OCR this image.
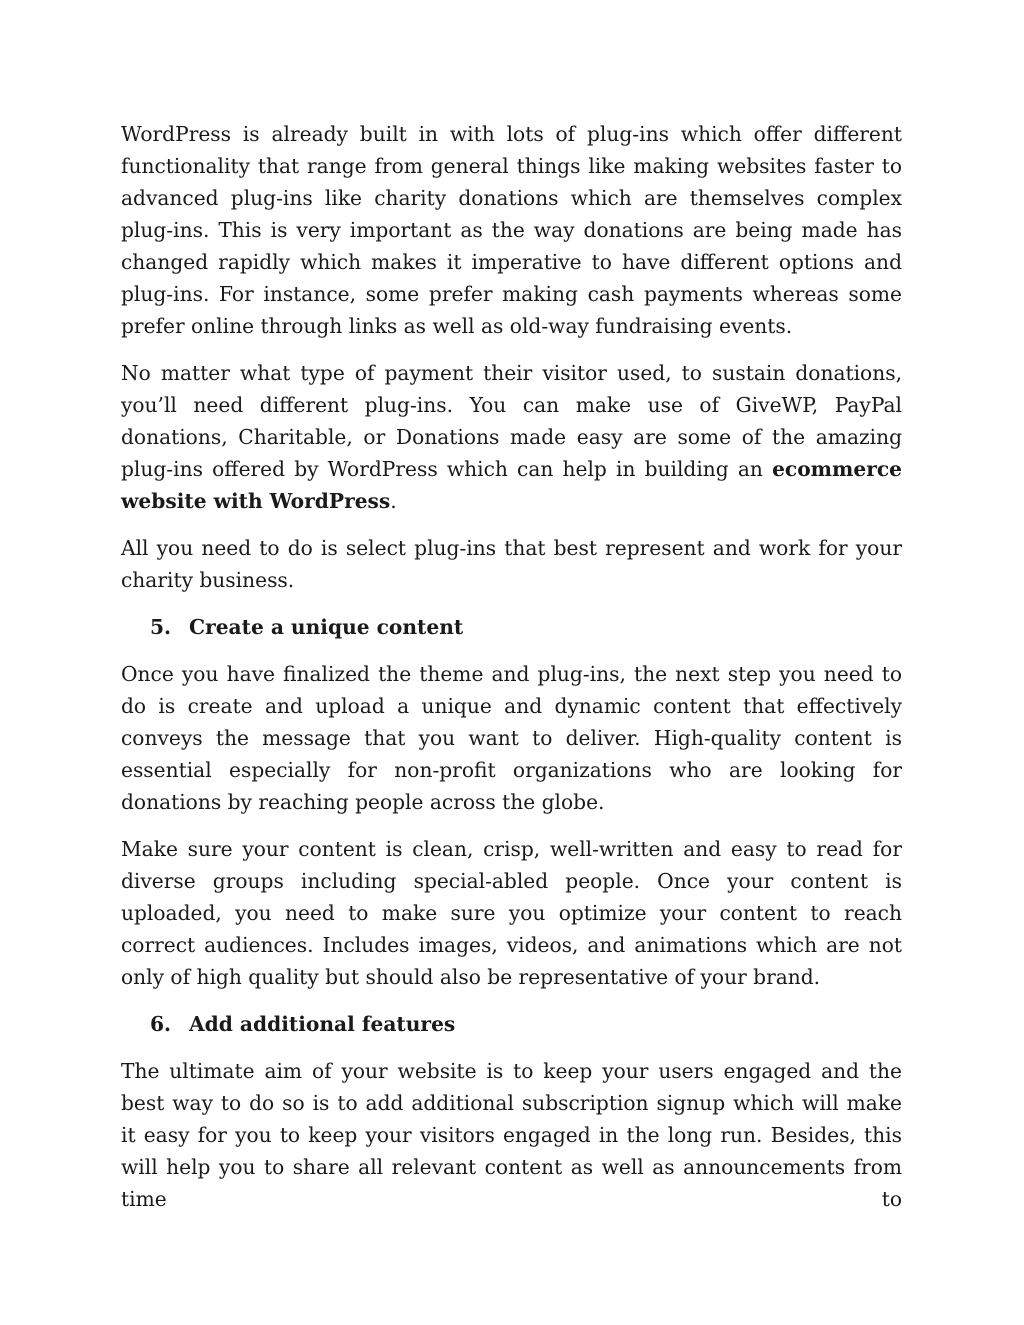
WordPress is already built in with lots of plug-ins which offer different functionality that range from general things like making websites faster to advanced plug-ins like charity donations which are themselves complex plug-ins. This is very important as the way donations are being made has changed rapidly which makes it imperative to have different options and plug-ins. For instance, some prefer making cash payments whereas some prefer online through links as well as old-way fundraising events.

No matter what type of payment their visitor used, to sustain donations, you’ll need different plug-ins. You can make use of GiveWP, PayPal donations, Charitable, or Donations made easy are some of the amazing plug-ins offered by WordPress which can help in building an ecommerce website with WordPress.

All you need to do is select plug-ins that best represent and work for your charity business.

5. Create a unique content

Once you have finalized the theme and plug-ins, the next step you need to do is create and upload a unique and dynamic content that effectively conveys the message that you want to deliver. High-quality content is essential especially for non-profit organizations who are looking for donations by reaching people across the globe.

Make sure your content is clean, crisp, well-written and easy to read for diverse groups including special-abled people. Once your content is uploaded, you need to make sure you optimize your content to reach correct audiences. Includes images, videos, and animations which are not only of high quality but should also be representative of your brand.

6. Add additional features

The ultimate aim of your website is to keep your users engaged and the best way to do so is to add additional subscription signup which will make it easy for you to keep your visitors engaged in the long run. Besides, this will help you to share all relevant content as well as announcements from time to
